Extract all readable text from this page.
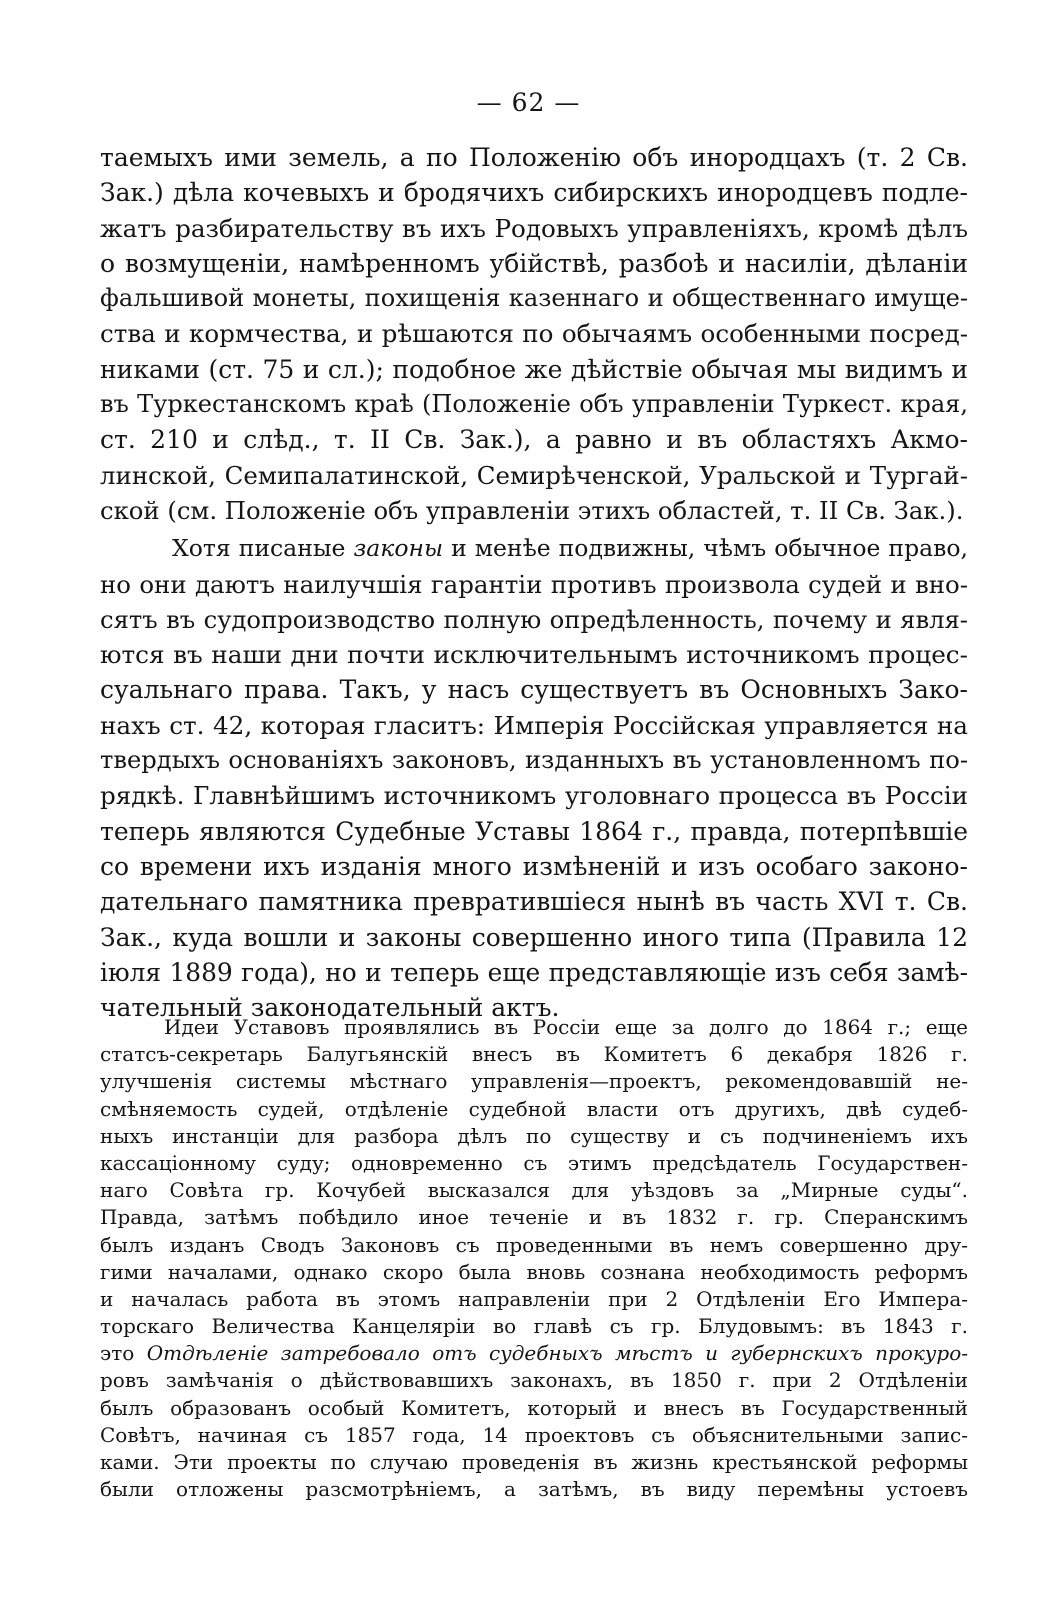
— 62 —
таемыхъ ими земель, а по Положенію объ инородцахъ (т. 2 Св.
Зак.) дѣла кочевыхъ и бродячихъ сибирскихъ инородцевъ подле-
жатъ разбирательству въ ихъ Родовыхъ управленіяхъ, кромѣ дѣлъ
о возмущеніи, намѣренномъ убійствѣ, разбоѣ и насиліи, дѣланіи
фальшивой монеты, похищенія казеннаго и общественнаго имуще-
ства и кормчества, и рѣшаются по обычаямъ особенными посред-
никами (ст. 75 и сл.); подобное же дѣйствіе обычая мы видимъ и
въ Туркестанскомъ краѣ (Положеніе объ управленіи Туркест. края,
ст. 210 и слѣд., т. II Св. Зак.), а равно и въ областяхъ Акмо-
линской, Семипалатинской, Семирѣченской, Уральской и Тургай-
ской (см. Положеніе объ управленіи этихъ областей, т. II Св. Зак.).
Хотя писаные законы и менѣе подвижны, чѣмъ обычное право,
но они даютъ наилучшія гарантіи противъ произвола судей и вно-
сятъ въ судопроизводство полную опредѣленность, почему и явля-
ются въ наши дни почти исключительнымъ источникомъ процес-
суальнаго права. Такъ, у насъ существуетъ въ Основныхъ Зако-
нахъ ст. 42, которая гласитъ: Имперія Россійская управляется на
твердыхъ основаніяхъ законовъ, изданныхъ въ установленномъ по-
рядкѣ. Главнѣйшимъ источникомъ уголовнаго процесса въ Россіи
теперь являются Судебные Уставы 1864 г., правда, потерпѣвшіе
со времени ихъ изданія много измѣненій и изъ особаго законо-
дательнаго памятника превратившіеся нынѣ въ часть XVI т. Св.
Зак., куда вошли и законы совершенно иного типа (Правила 12
іюля 1889 года), но и теперь еще представляющіе изъ себя замѣ-
чательный законодательный актъ.
Идеи Уставовъ проявлялись въ Россіи еще за долго до 1864 г.; еще
статсъ-секретарь Балугьянскій внесъ въ Комитетъ 6 декабря 1826 г.
улучшенія системы мѣстнаго управленія—проектъ, рекомендовавшій не-
смѣняемость судей, отдѣленіе судебной власти отъ другихъ, двѣ судеб-
ныхъ инстанціи для разбора дѣлъ по существу и съ подчиненіемъ ихъ
кассаціонному суду; одновременно съ этимъ предсѣдатель Государствен-
наго Совѣта гр. Кочубей высказался для уѣздовъ за „Мирные суды“.
Правда, затѣмъ побѣдило иное теченіе и въ 1832 г. гр. Сперанскимъ
былъ изданъ Сводъ Законовъ съ проведенными въ немъ совершенно дру-
гими началами, однако скоро была вновь сознана необходимость реформъ
и началась работа въ этомъ направленіи при 2 Отдѣленіи Его Импера-
торскаго Величества Канцеляріи во главѣ съ гр. Блудовымъ: въ 1843 г.
это Отдѣленіе затребовало отъ судебныхъ мѣстъ и губернскихъ прокуро-
ровъ замѣчанія о дѣйствовавшихъ законахъ, въ 1850 г. при 2 Отдѣленіи
былъ образованъ особый Комитетъ, который и внесъ въ Государственный
Совѣтъ, начиная съ 1857 года, 14 проектовъ съ объяснительными запис-
ками. Эти проекты по случаю проведенія въ жизнь крестьянской реформы
были отложены разсмотрѣніемъ, а затѣмъ, въ виду перемѣны устоевъ
